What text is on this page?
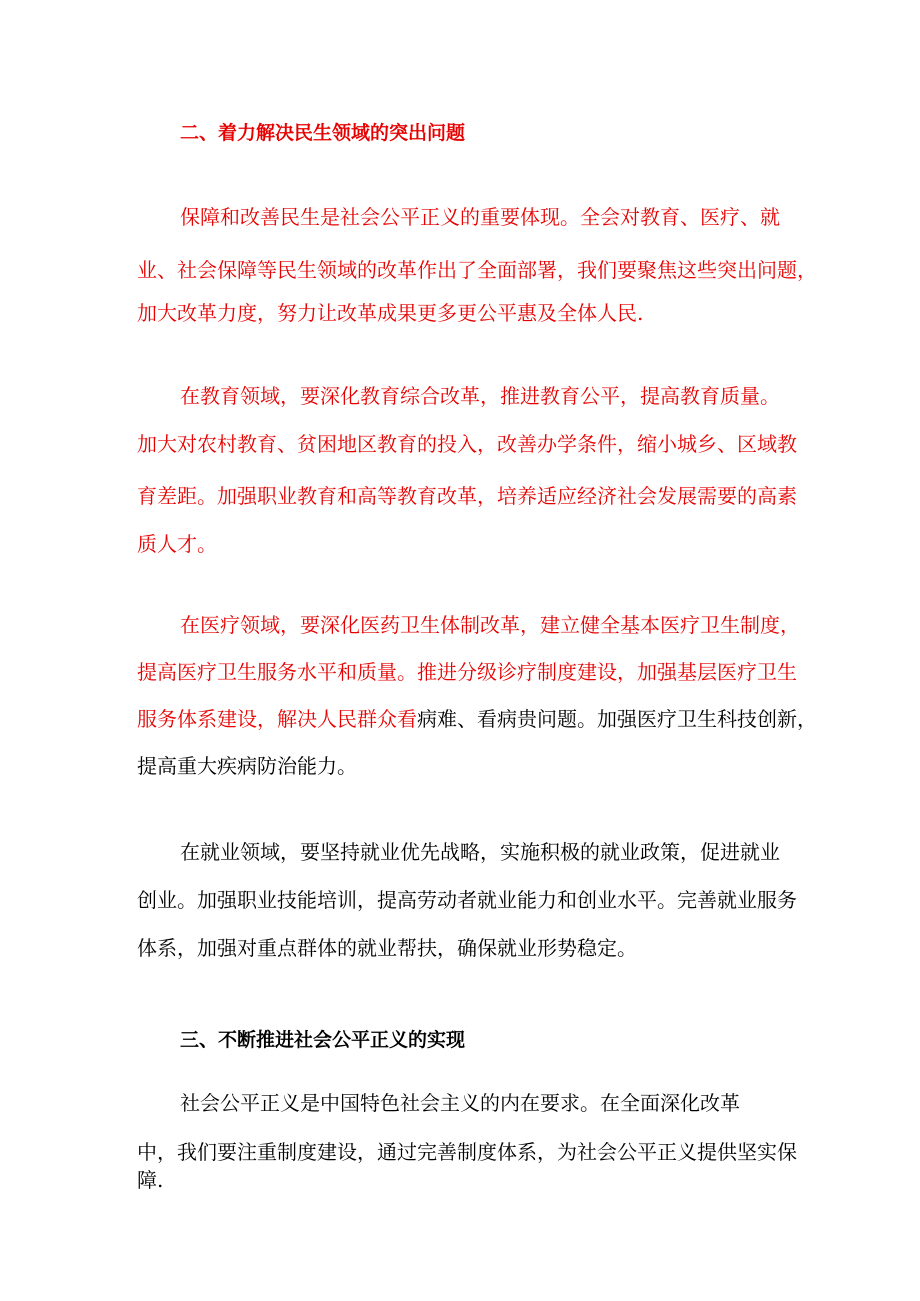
二、着力解决民生领域的突出问题

保障和改善民生是社会公平正义的重要体现。全会对教育、医疗、就

业、社会保障等民生领域的改革作出了全面部署，我们要聚焦这些突出问题，

加大改革力度，努力让改革成果更多更公平惠及全体人民.

在教育领域，要深化教育综合改革，推进教育公平，提高教育质量。

加大对农村教育、贫困地区教育的投入，改善办学条件，缩小城乡、区域教

育差距。加强职业教育和高等教育改革，培养适应经济社会发展需要的高素

质人才。

在医疗领域，要深化医药卫生体制改革，建立健全基本医疗卫生制度，

提高医疗卫生服务水平和质量。推进分级诊疗制度建设，加强基层医疗卫生

服务体系建设，解决人民群众看病难、看病贵问题。加强医疗卫生科技创新，

提高重大疾病防治能力。

在就业领域，要坚持就业优先战略，实施积极的就业政策，促进就业

创业。加强职业技能培训，提高劳动者就业能力和创业水平。完善就业服务

体系，加强对重点群体的就业帮扶，确保就业形势稳定。

三、不断推进社会公平正义的实现

社会公平正义是中国特色社会主义的内在要求。在全面深化改革

中，我们要注重制度建设，通过完善制度体系，为社会公平正义提供坚实保

障.
